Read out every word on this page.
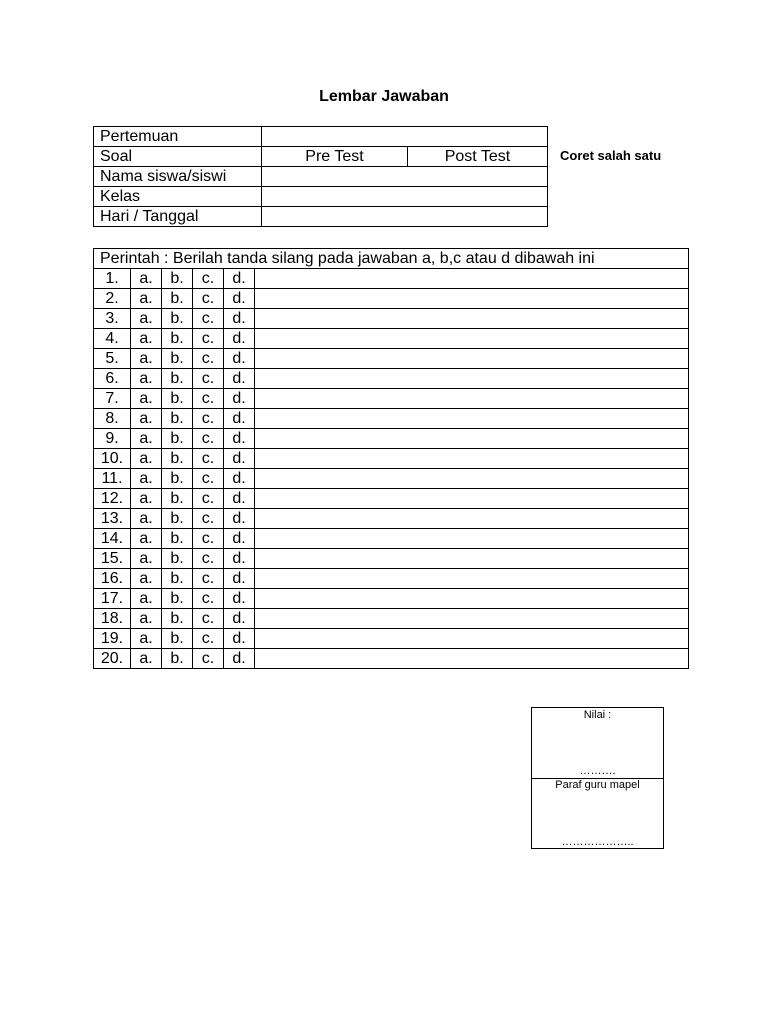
Lembar Jawaban
Pertemuan		
Soal	Pre Test	Post Test
Nama siswa/siswi		
Kelas		
Hari / Tanggal		
Coret salah satu
Perintah : Berilah tanda silang pada jawaban a, b,c atau d dibawah ini					
1.	a.	b.	c.	d.	
2.	a.	b.	c.	d.	
3.	a.	b.	c.	d.	
4.	a.	b.	c.	d.	
5.	a.	b.	c.	d.	
6.	a.	b.	c.	d.	
7.	a.	b.	c.	d.	
8.	a.	b.	c.	d.	
9.	a.	b.	c.	d.	
10.	a.	b.	c.	d.	
11.	a.	b.	c.	d.	
12.	a.	b.	c.	d.	
13.	a.	b.	c.	d.	
14.	a.	b.	c.	d.	
15.	a.	b.	c.	d.	
16.	a.	b.	c.	d.	
17.	a.	b.	c.	d.	
18.	a.	b.	c.	d.	
19.	a.	b.	c.	d.	
20.	a.	b.	c.	d.	
Nilai :
……….
Paraf guru mapel
………………..
